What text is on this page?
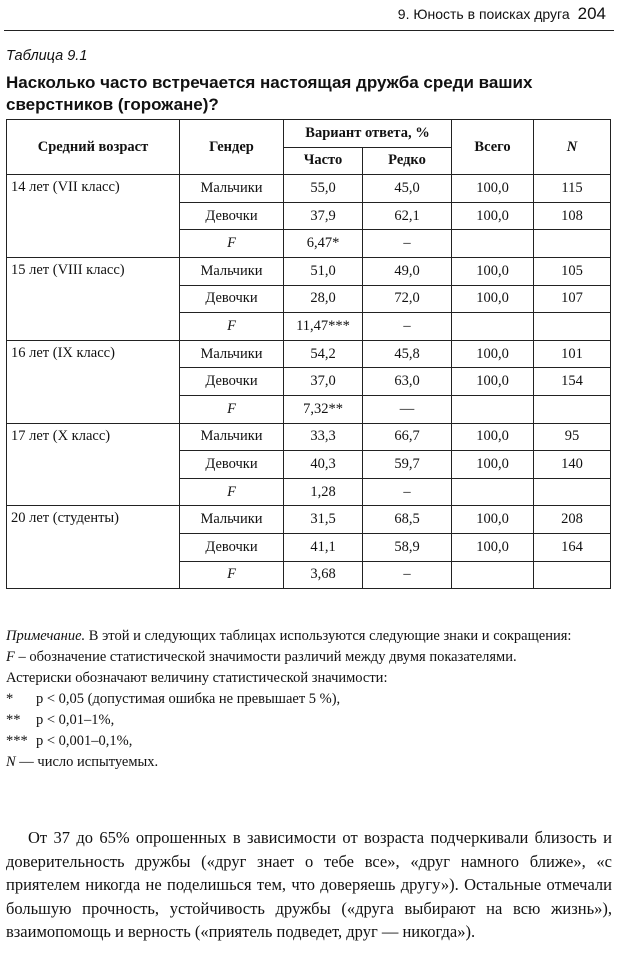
9. Юность в поисках друга 204
Таблица 9.1
Насколько часто встречается настоящая дружба среди ваших сверстников (горожане)?
Средний возраст	Гендер	Вариант ответа, %		Всего	N
		Часто	Редко		
14 лет (VII класс)	Мальчики	55,0	45,0	100,0	115
	Девочки	37,9	62,1	100,0	108
	F	6,47*	–		
15 лет (VIII класс)	Мальчики	51,0	49,0	100,0	105
	Девочки	28,0	72,0	100,0	107
	F	11,47***	–		
16 лет (IX класс)	Мальчики	54,2	45,8	100,0	101
	Девочки	37,0	63,0	100,0	154
	F	7,32**	—		
17 лет (X класс)	Мальчики	33,3	66,7	100,0	95
	Девочки	40,3	59,7	100,0	140
	F	1,28	–		
20 лет (студенты)	Мальчики	31,5	68,5	100,0	208
	Девочки	41,1	58,9	100,0	164
	F	3,68	–		

Примечание. В этой и следующих таблицах используются следующие знаки и сокращения:

F – обозначение статистической значимости различий между двумя показателями.

Астериски обозначают величину статистической значимости:

* p < 0,05 (допустимая ошибка не превышает 5 %),

** p < 0,01–1%,

*** p < 0,001–0,1%,

N — число испытуемых.

От 37 до 65% опрошенных в зависимости от возраста подчеркивали близость и доверительность дружбы («друг знает о тебе все», «друг намного ближе», «с приятелем никогда не поделишься тем, что доверяешь другу»). Остальные отмечали большую прочность, устойчивость дружбы («друга выбирают на всю жизнь»), взаимопомощь и верность («приятель подведет, друг — никогда»).
